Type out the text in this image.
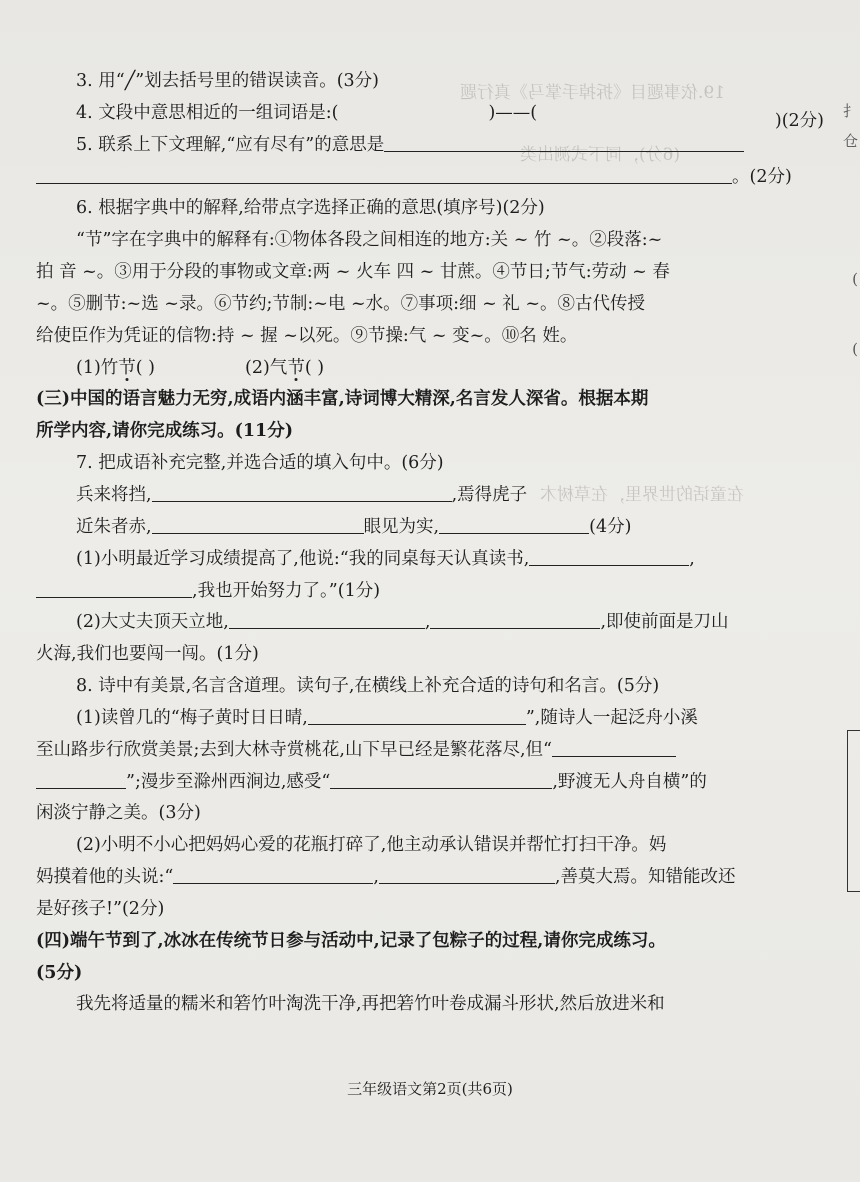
19.依事题目《拆掉手掌马》真行题
(6分)，同下式测出类
在童话的世界里，在草树木
3. 用“╱”划去括号里的错误读音。(3分)
4. 文段中意思相近的一组词语是:(	)——(	)(2分)
5. 联系上下文理解,“应有尽有”的意思是
。(2分)
6. 根据字典中的解释,给带点字选择正确的意思(填序号)(2分)
“节”字在字典中的解释有:①物体各段之间相连的地方:关 ~ 竹 ~。②段落:~
拍 音 ~。③用于分段的事物或文章:两 ~ 火车 四 ~ 甘蔗。④节日;节气:劳动 ~ 春
~。⑤删节:~选 ~录。⑥节约;节制:~电 ~水。⑦事项:细 ~ 礼 ~。⑧古代传授
给使臣作为凭证的信物:持 ~ 握 ~以死。⑨节操:气 ~ 变~。⑩名 姓。
(1)竹节( )	(2)气节( )
(三)中国的语言魅力无穷,成语内涵丰富,诗词博大精深,名言发人深省。根据本期
所学内容,请你完成练习。(11分)
7. 把成语补充完整,并选合适的填入句中。(6分)
兵来将挡,	,焉得虎子
近朱者赤,	眼见为实,	(4分)
(1)小明最近学习成绩提高了,他说:“我的同桌每天认真读书,	,
,我也开始努力了。”(1分)
(2)大丈夫顶天立地,	,	,即使前面是刀山
火海,我们也要闯一闯。(1分)
8. 诗中有美景,名言含道理。读句子,在横线上补充合适的诗句和名言。(5分)
(1)读曾几的“梅子黄时日日晴,	”,随诗人一起泛舟小溪
至山路步行欣赏美景;去到大林寺赏桃花,山下早已经是繁花落尽,但“
”;漫步至滁州西涧边,感受“	,野渡无人舟自横”的
闲淡宁静之美。(3分)
(2)小明不小心把妈妈心爱的花瓶打碎了,他主动承认错误并帮忙打扫干净。妈
妈摸着他的头说:“	,	,善莫大焉。知错能改还
是好孩子!”(2分)
(四)端午节到了,冰冰在传统节日参与活动中,记录了包粽子的过程,请你完成练习。
(5分)
我先将适量的糯米和箬竹叶淘洗干净,再把箬竹叶卷成漏斗形状,然后放进米和
三年级语文第2页(共6页)
扌
仓
(
(
